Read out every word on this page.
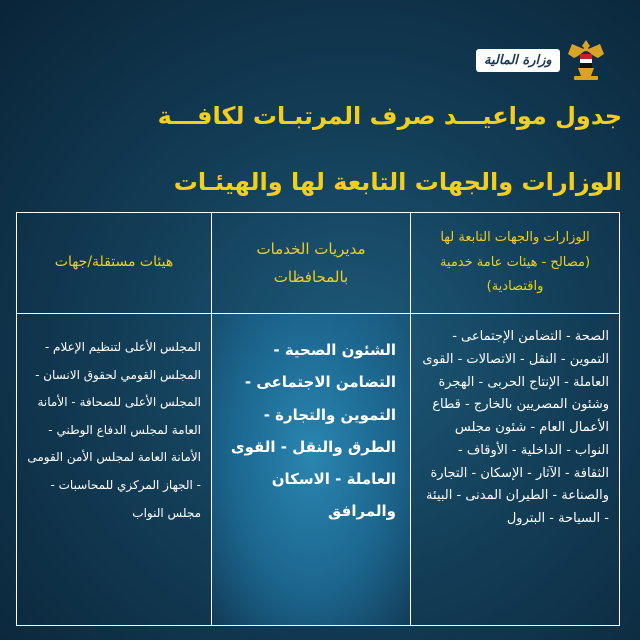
وزارة المالية
جدول مواعيـــد صرف المرتبـات لكافـــة
الوزارات والجهات التابعة لها والهيئـات
الوزارات والجهات التابعة لها (مصالح - هيئات عامة خدمية واقتصادية)
مديريات الخدمات بالمحافظات
هيئات مستقلة/جهات
الصحة - التضامن الإجتماعى - التموين - النقل - الاتصالات - القوى العاملة - الإنتاج الحربى - الهجرة وشئون المصريين بالخارج - قطاع الأعمال العام - شئون مجلس النواب - الداخلية - الأوقاف - الثقافة - الآثار - الإسكان - التجارة والصناعة - الطيران المدنى - البيئة - السياحة - البترول
الشئون الصحية - التضامن الاجتماعى - التموين والتجارة - الطرق والنقل - القوى العاملة - الاسكان والمرافق
المجلس الأعلى لتنظيم الإعلام - المجلس القومي لحقوق الانسان - المجلس الأعلى للصحافة - الأمانة العامة لمجلس الدفاع الوطني - الأمانة العامة لمجلس الأمن القومى - الجهاز المركزي للمحاسبات - مجلس النواب
